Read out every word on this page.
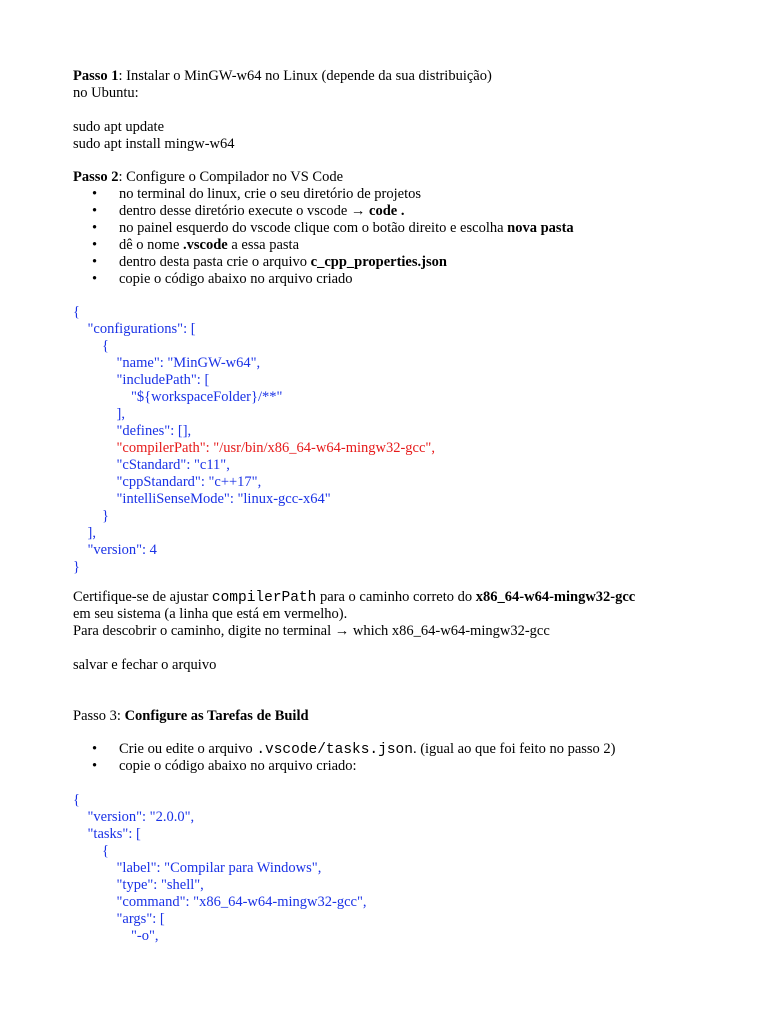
Passo 1: Instalar o MinGW-w64 no Linux (depende da sua distribuição)
no Ubuntu:
sudo apt update
sudo apt install mingw-w64
Passo 2: Configure o Compilador no VS Code
• no terminal do linux, crie o seu diretório de projetos
• dentro desse diretório execute o vscode → code .
• no painel esquerdo do vscode clique com o botão direito e escolha nova pasta
• dê o nome .vscode a essa pasta
• dentro desta pasta crie o arquivo c_cpp_properties.json
• copie o código abaixo no arquivo criado
{
"configurations": [
{
"name": "MinGW-w64",
"includePath": [
"${workspaceFolder}/**"
],
"defines": [],
"compilerPath": "/usr/bin/x86_64-w64-mingw32-gcc",
"cStandard": "c11",
"cppStandard": "c++17",
"intelliSenseMode": "linux-gcc-x64"
}
],
"version": 4
}
Certifique-se de ajustar compilerPath para o caminho correto do x86_64-w64-mingw32-gcc
em seu sistema (a linha que está em vermelho).
Para descobrir o caminho, digite no terminal → which x86_64-w64-mingw32-gcc
salvar e fechar o arquivo
Passo 3: Configure as Tarefas de Build
• Crie ou edite o arquivo .vscode/tasks.json. (igual ao que foi feito no passo 2)
• copie o código abaixo no arquivo criado:
{
"version": "2.0.0",
"tasks": [
{
"label": "Compilar para Windows",
"type": "shell",
"command": "x86_64-w64-mingw32-gcc",
"args": [
"-o",
